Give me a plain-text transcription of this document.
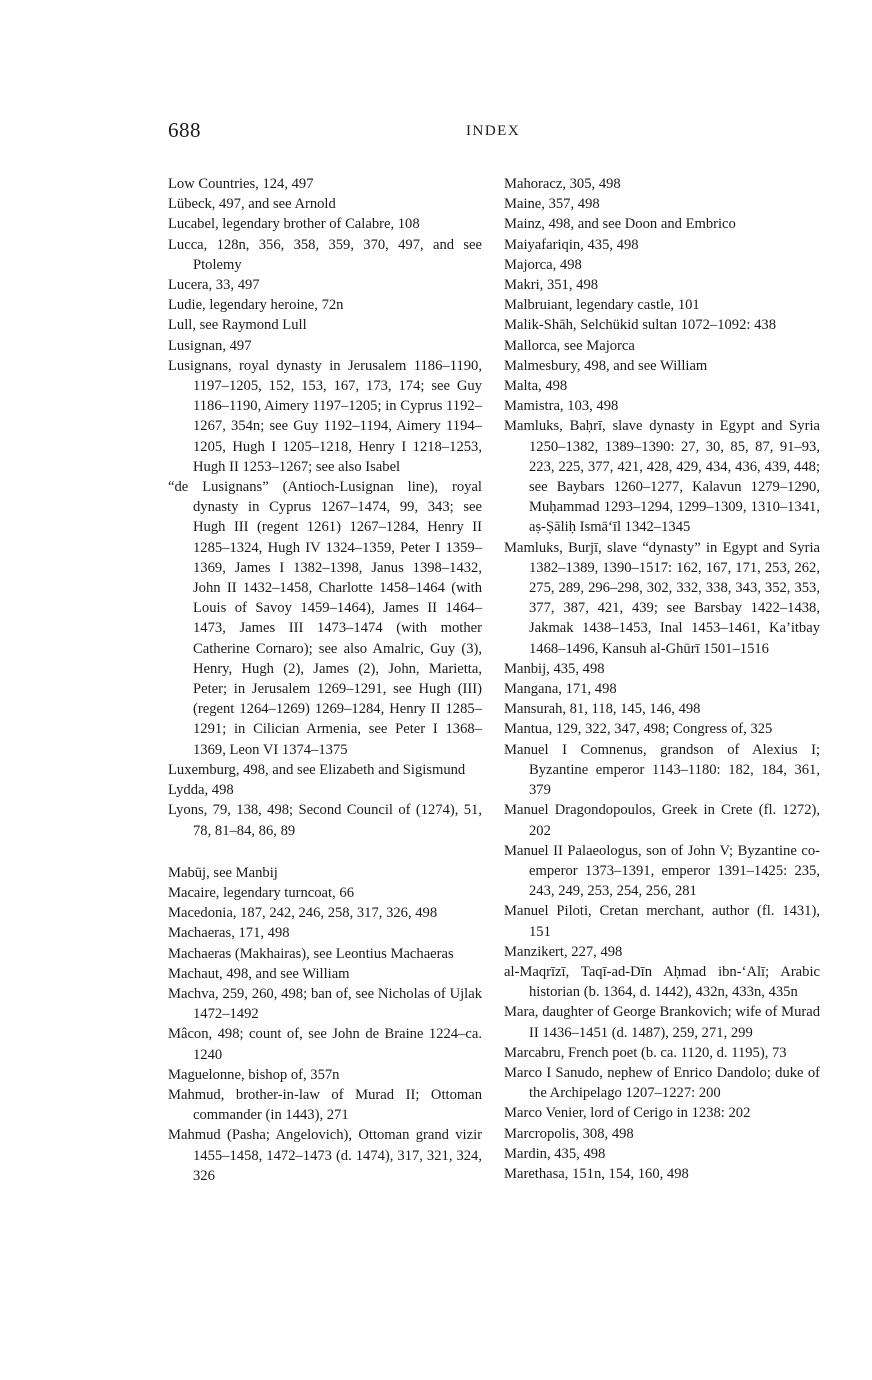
688	INDEX

Low Countries, 124, 497

Lübeck, 497, and see Arnold

Lucabel, legendary brother of Calabre, 108

Lucca, 128n, 356, 358, 359, 370, 497, and see Ptolemy

Lucera, 33, 497

Ludie, legendary heroine, 72n

Lull, see Raymond Lull

Lusignan, 497

Lusignans, royal dynasty in Jerusalem 1186–1190, 1197–1205, 152, 153, 167, 173, 174; see Guy 1186–1190, Aimery 1197–1205; in Cyprus 1192–1267, 354n; see Guy 1192–1194, Aimery 1194–1205, Hugh I 1205–1218, Henry I 1218–1253, Hugh II 1253–1267; see also Isabel

“de Lusignans” (Antioch-Lusignan line), royal dynasty in Cyprus 1267–1474, 99, 343; see Hugh III (regent 1261) 1267–1284, Henry II 1285–1324, Hugh IV 1324–1359, Peter I 1359–1369, James I 1382–1398, Janus 1398–1432, John II 1432–1458, Charlotte 1458–1464 (with Louis of Savoy 1459–1464), James II 1464–1473, James III 1473–1474 (with mother Catherine Cornaro); see also Amalric, Guy (3), Henry, Hugh (2), James (2), John, Marietta, Peter; in Jerusalem 1269–1291, see Hugh (III) (regent 1264–1269) 1269–1284, Henry II 1285–1291; in Cilician Armenia, see Peter I 1368–1369, Leon VI 1374–1375

Luxemburg, 498, and see Elizabeth and Sigismund

Lydda, 498

Lyons, 79, 138, 498; Second Council of (1274), 51, 78, 81–84, 86, 89

Mabūj, see Manbij

Macaire, legendary turncoat, 66

Macedonia, 187, 242, 246, 258, 317, 326, 498

Machaeras, 171, 498

Machaeras (Makhairas), see Leontius Machaeras

Machaut, 498, and see William

Machva, 259, 260, 498; ban of, see Nicholas of Ujlak 1472–1492

Mâcon, 498; count of, see John de Braine 1224–ca. 1240

Maguelonne, bishop of, 357n

Mahmud, brother-in-law of Murad II; Ottoman commander (in 1443), 271

Mahmud (Pasha; Angelovich), Ottoman grand vizir 1455–1458, 1472–1473 (d. 1474), 317, 321, 324, 326

Mahoracz, 305, 498

Maine, 357, 498

Mainz, 498, and see Doon and Embrico

Maiyafariqin, 435, 498

Majorca, 498

Makri, 351, 498

Malbruiant, legendary castle, 101

Malik-Shāh, Selchükid sultan 1072–1092: 438

Mallorca, see Majorca

Malmesbury, 498, and see William

Malta, 498

Mamistra, 103, 498

Mamluks, Baḥrī, slave dynasty in Egypt and Syria 1250–1382, 1389–1390: 27, 30, 85, 87, 91–93, 223, 225, 377, 421, 428, 429, 434, 436, 439, 448; see Baybars 1260–1277, Kalavun 1279–1290, Muḥammad 1293–1294, 1299–1309, 1310–1341, aṣ-Ṣāliḥ Ismā‘īl 1342–1345

Mamluks, Burjī, slave “dynasty” in Egypt and Syria 1382–1389, 1390–1517: 162, 167, 171, 253, 262, 275, 289, 296–298, 302, 332, 338, 343, 352, 353, 377, 387, 421, 439; see Barsbay 1422–1438, Jakmak 1438–1453, Inal 1453–1461, Ka’itbay 1468–1496, Kansuh al-Ghūrī 1501–1516

Manbij, 435, 498

Mangana, 171, 498

Mansurah, 81, 118, 145, 146, 498

Mantua, 129, 322, 347, 498; Congress of, 325

Manuel I Comnenus, grandson of Alexius I; Byzantine emperor 1143–1180: 182, 184, 361, 379

Manuel Dragondopoulos, Greek in Crete (fl. 1272), 202

Manuel II Palaeologus, son of John V; Byzantine co-emperor 1373–1391, emperor 1391–1425: 235, 243, 249, 253, 254, 256, 281

Manuel Piloti, Cretan merchant, author (fl. 1431), 151

Manzikert, 227, 498

al-Maqrīzī, Taqī-ad-Dīn Aḥmad ibn-‘Alī; Arabic historian (b. 1364, d. 1442), 432n, 433n, 435n

Mara, daughter of George Brankovich; wife of Murad II 1436–1451 (d. 1487), 259, 271, 299

Marcabru, French poet (b. ca. 1120, d. 1195), 73

Marco I Sanudo, nephew of Enrico Dandolo; duke of the Archipelago 1207–1227: 200

Marco Venier, lord of Cerigo in 1238: 202

Marcropolis, 308, 498

Mardin, 435, 498

Marethasa, 151n, 154, 160, 498
